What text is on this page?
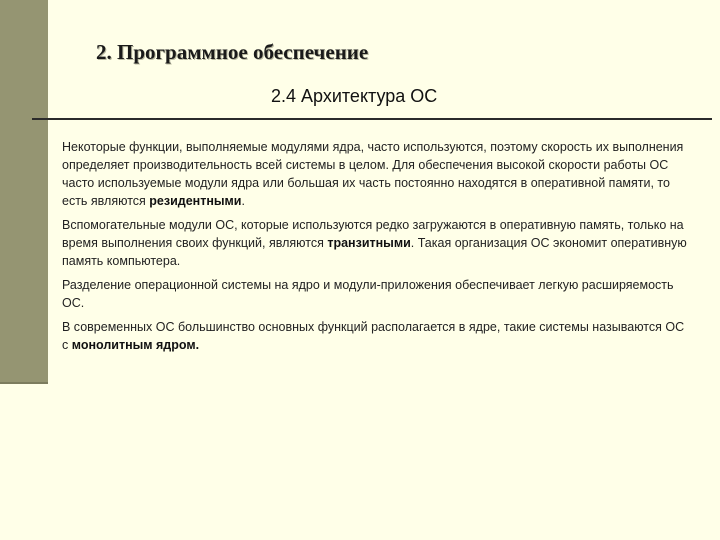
2. Программное обеспечение
2.4 Архитектура ОС

Некоторые функции, выполняемые модулями ядра, часто используются, поэтому скорость их выполнения определяет производительность всей системы в целом. Для обеспечения высокой скорости работы ОС часто используемые модули ядра или большая их часть постоянно находятся в оперативной памяти, то есть являются резидентными.

Вспомогательные модули ОС, которые используются редко загружаются в оперативную память, только на время выполнения своих функций, являются транзитными. Такая организация ОС экономит оперативную память компьютера.

Разделение операционной системы на ядро и модули-приложения обеспечивает легкую расширяемость ОС.

В современных ОС большинство основных функций располагается в ядре, такие системы называются ОС с монолитным ядром.
